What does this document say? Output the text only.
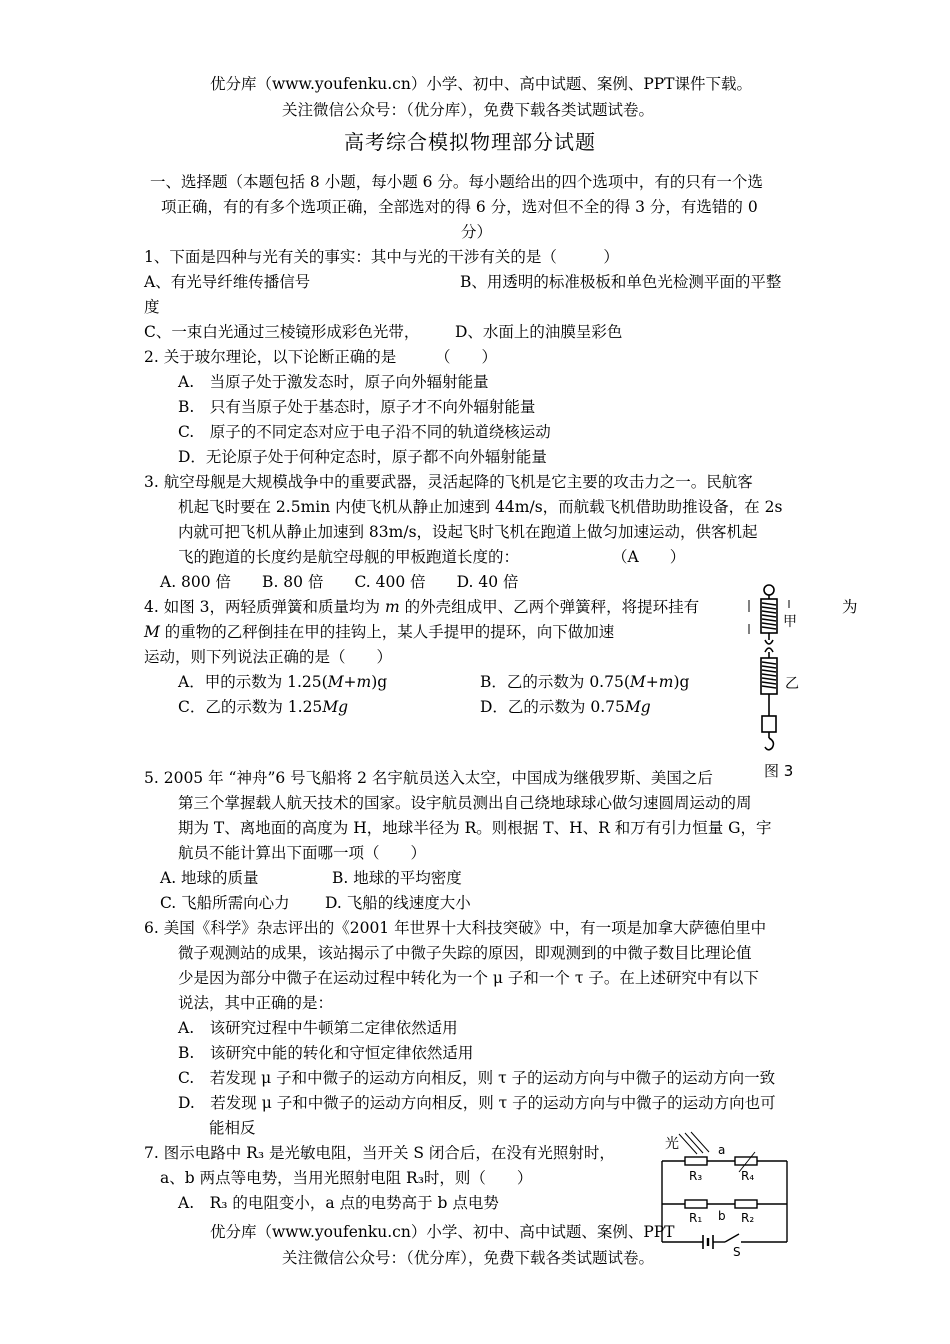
优分库（www.youfenku.cn）小学、初中、高中试题、案例、PPT课件下载。
关注微信公众号：（优分库），免费下载各类试题试卷。
高考综合模拟物理部分试题
一、选择题（本题包括 8 小题，每小题 6 分。每小题给出的四个选项中，有的只有一个选
项正确，有的有多个选项正确，全部选对的得 6 分，选对但不全的得 3 分，有选错的 0
分）
1、下面是四种与光有关的事实：其中与光的干涉有关的是（　　　）
A、有光导纤维传播信号	B、用透明的标准极板和单色光检测平面的平整
度
C、一束白光通过三棱镜形成彩色光带， D、水面上的油膜呈彩色
2. 关于玻尔理论，以下论断正确的是　　　（　　）
A.　当原子处于激发态时，原子向外辐射能量
B.　只有当原子处于基态时，原子才不向外辐射能量
C.　原子的不同定态对应于电子沿不同的轨道绕核运动
D．无论原子处于何种定态时，原子都不向外辐射能量
3. 航空母舰是大规模战争中的重要武器，灵活起降的飞机是它主要的攻击力之一。民航客
机起飞时要在 2.5min 内使飞机从静止加速到 44m/s，而航载飞机借助助推设备，在 2s
内就可把飞机从静止加速到 83m/s，设起飞时飞机在跑道上做匀加速运动，供客机起
飞的跑道的长度约是航空母舰的甲板跑道长度的：　　　　　　　（A　　）
A. 800 倍　　B. 80 倍　　C. 400 倍　　D. 40 倍
4. 如图 3，两轻质弹簧和质量均为 m 的外壳组成甲、乙两个弹簧秤，将提环挂有	为
M 的重物的乙秤倒挂在甲的挂钩上，某人手提甲的提环，向下做加速
运动，则下列说法正确的是（　　）
A．甲的示数为 1.25(M+m)g	B．乙的示数为 0.75(M+m)g
C．乙的示数为 1.25Mg	D．乙的示数为 0.75Mg
甲
乙
图 3
5. 2005 年 “神舟”6 号飞船将 2 名宇航员送入太空，中国成为继俄罗斯、美国之后
第三个掌握载人航天技术的国家。设宇航员测出自己绕地球球心做匀速圆周运动的周
期为 T、离地面的高度为 H，地球半径为 R。则根据 T、H、R 和万有引力恒量 G，宇
航员不能计算出下面哪一项（　　）
A. 地球的质量	B. 地球的平均密度
C. 飞船所需向心力 D. 飞船的线速度大小
6. 美国《科学》杂志评出的《2001 年世界十大科技突破》中，有一项是加拿大萨德伯里中
微子观测站的成果，该站揭示了中微子失踪的原因，即观测到的中微子数目比理论值
少是因为部分中微子在运动过程中转化为一个 μ 子和一个 τ 子。在上述研究中有以下
说法，其中正确的是：
A.　该研究过程中牛顿第二定律依然适用
B.　该研究中能的转化和守恒定律依然适用
C.　若发现 μ 子和中微子的运动方向相反，则 τ 子的运动方向与中微子的运动方向一致
D.　若发现 μ 子和中微子的运动方向相反，则 τ 子的运动方向与中微子的运动方向也可
能相反
7. 图示电路中 R₃ 是光敏电阻，当开关 S 闭合后，在没有光照射时，
a、b 两点等电势，当用光照射电阻 R₃时，则（　　）
A.　R₃ 的电阻变小，a 点的电势高于 b 点电势
光	a
R₃	R₄
b
R₁	R₂
S
优分库（www.youfenku.cn）小学、初中、高中试题、案例、PPT
关注微信公众号：（优分库），免费下载各类试题试卷。
